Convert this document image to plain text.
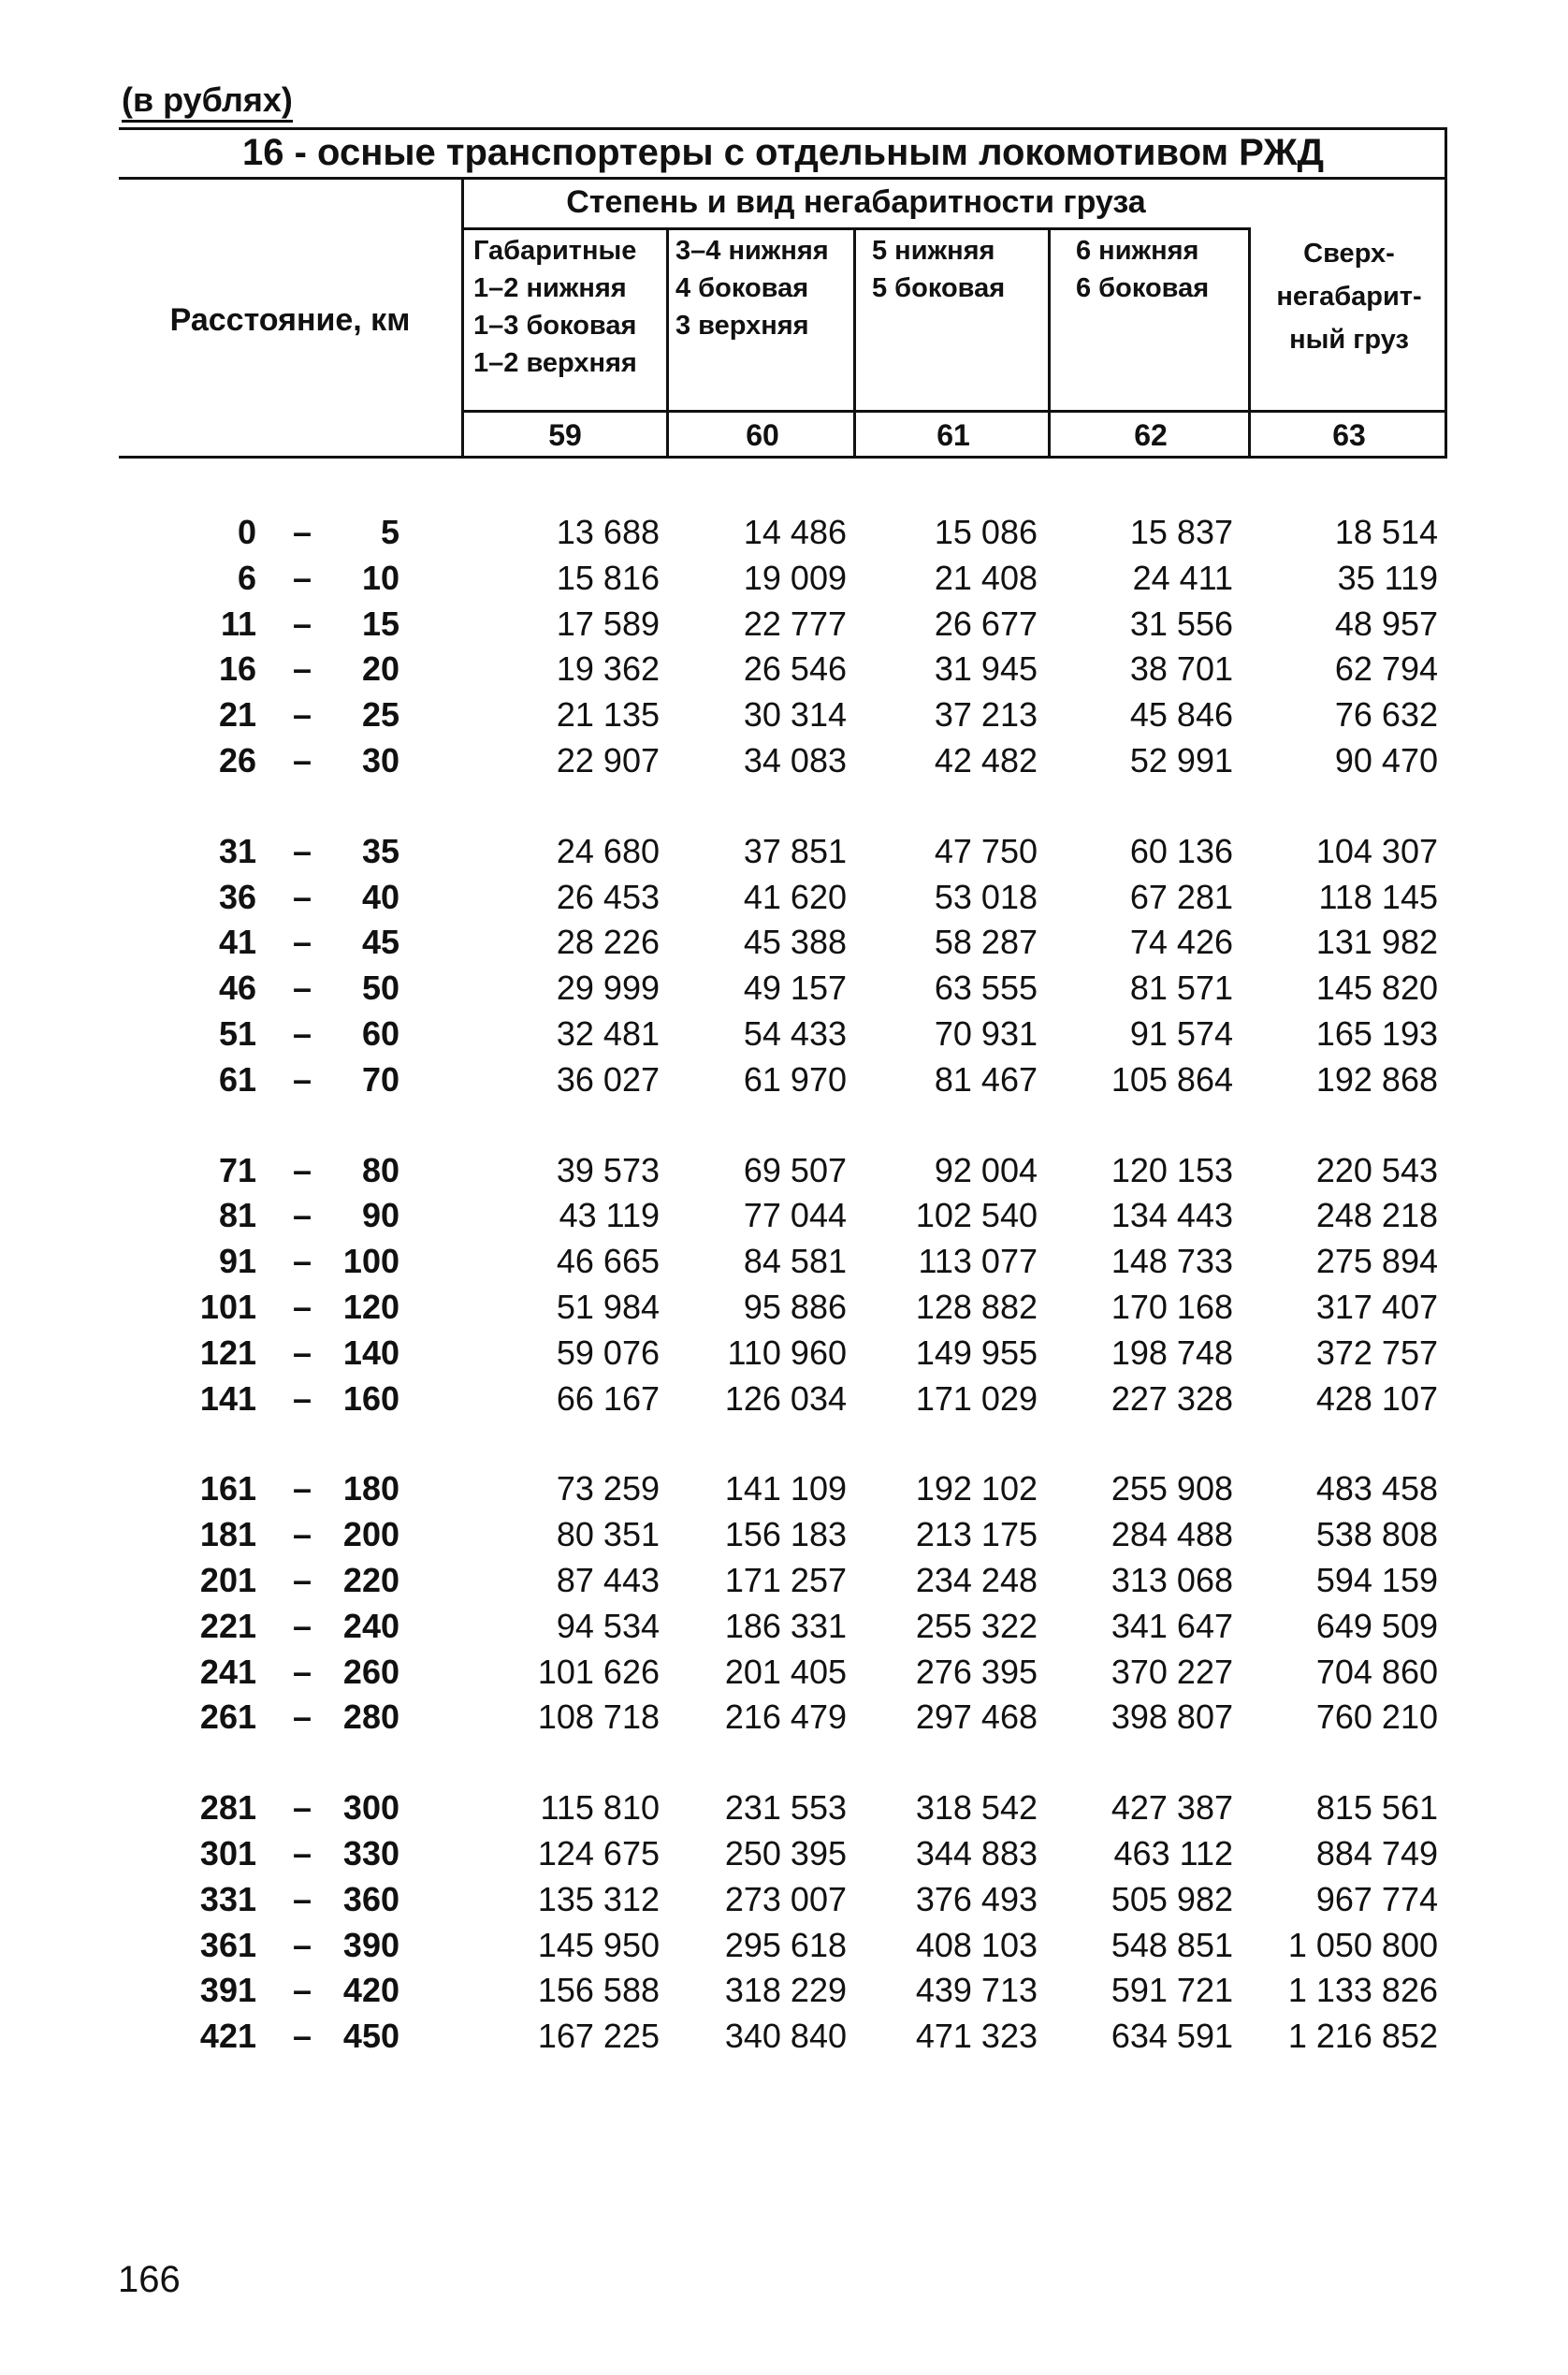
(в рублях)
16 - осные транспортеры с отдельным локомотивом РЖД
Расстояние, км
Степень и вид негабаритности груза
Габаритные
1–2 нижняя
1–3 боковая
1–2 верхняя
3–4 нижняя
4 боковая
3 верхняя
5 нижняя
5 боковая
6 нижняя
6 боковая
Сверх-
негабарит-
ный груз
59	60	61	62	63
0 –	5	13 688	14 486	15 086	15 837	18 514
6 –	10	15 816	19 009	21 408	24 411	35 119
11 –	15	17 589	22 777	26 677	31 556	48 957
16 –	20	19 362	26 546	31 945	38 701	62 794
21 –	25	21 135	30 314	37 213	45 846	76 632
26 –	30	22 907	34 083	42 482	52 991	90 470
31 –	35	24 680	37 851	47 750	60 136	104 307
36 –	40	26 453	41 620	53 018	67 281	118 145
41 –	45	28 226	45 388	58 287	74 426	131 982
46 –	50	29 999	49 157	63 555	81 571	145 820
51 –	60	32 481	54 433	70 931	91 574	165 193
61 –	70	36 027	61 970	81 467	105 864	192 868
71 –	80	39 573	69 507	92 004	120 153	220 543
81 –	90	43 119	77 044	102 540	134 443	248 218
91 – 100	46 665	84 581	113 077	148 733	275 894
101 – 120	51 984	95 886	128 882	170 168	317 407
121 – 140	59 076	110 960	149 955	198 748	372 757
141 – 160	66 167	126 034	171 029	227 328	428 107
161 – 180	73 259	141 109	192 102	255 908	483 458
181 – 200	80 351	156 183	213 175	284 488	538 808
201 – 220	87 443	171 257	234 248	313 068	594 159
221 – 240	94 534	186 331	255 322	341 647	649 509
241 – 260	101 626	201 405	276 395	370 227	704 860
261 – 280	108 718	216 479	297 468	398 807	760 210
281 – 300	115 810	231 553	318 542	427 387	815 561
301 – 330	124 675	250 395	344 883	463 112	884 749
331 – 360	135 312	273 007	376 493	505 982	967 774
361 – 390	145 950	295 618	408 103	548 851	1 050 800
391 – 420	156 588	318 229	439 713	591 721	1 133 826
421 – 450	167 225	340 840	471 323	634 591	1 216 852
166
